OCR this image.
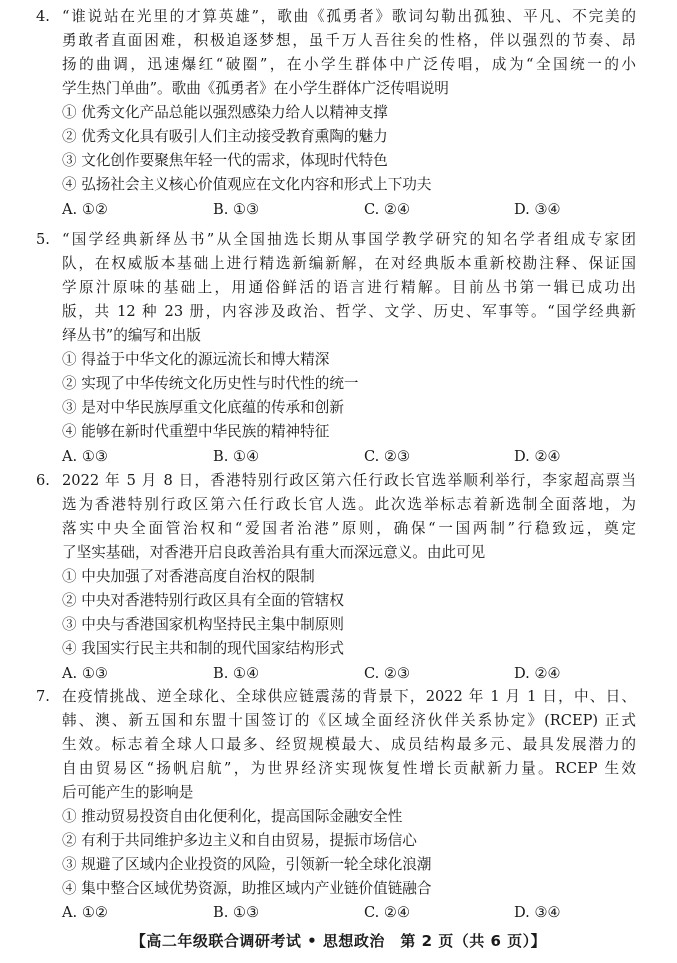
4. “谁说站在光里的才算英雄”，歌曲《孤勇者》歌词勾勒出孤独、平凡、不完美的
勇敢者直面困难，积极追逐梦想，虽千万人吾往矣的性格，伴以强烈的节奏、昂
扬的曲调，迅速爆红“破圈”，在小学生群体中广泛传唱，成为“全国统一的小
学生热门单曲”。歌曲《孤勇者》在小学生群体广泛传唱说明
① 优秀文化产品总能以强烈感染力给人以精神支撑
② 优秀文化具有吸引人们主动接受教育熏陶的魅力
③ 文化创作要聚焦年轻一代的需求，体现时代特色
④ 弘扬社会主义核心价值观应在文化内容和形式上下功夫
A. ①②	B. ①③	C. ②④	D. ③④
5. “国学经典新绎丛书”从全国抽选长期从事国学教学研究的知名学者组成专家团
队，在权威版本基础上进行精选新编新解，在对经典版本重新校勘注释、保证国
学原汁原味的基础上，用通俗鲜活的语言进行精解。目前丛书第一辑已成功出
版，共 12 种 23 册，内容涉及政治、哲学、文学、历史、军事等。“国学经典新
绎丛书”的编写和出版
① 得益于中华文化的源远流长和博大精深
② 实现了中华传统文化历史性与时代性的统一
③ 是对中华民族厚重文化底蕴的传承和创新
④ 能够在新时代重塑中华民族的精神特征
A. ①③	B. ①④	C. ②③	D. ②④
6. 2022 年 5 月 8 日，香港特别行政区第六任行政长官选举顺利举行，李家超高票当
选为香港特别行政区第六任行政长官人选。此次选举标志着新选制全面落地，为
落实中央全面管治权和“爱国者治港”原则，确保“一国两制”行稳致远，奠定
了坚实基础，对香港开启良政善治具有重大而深远意义。由此可见
① 中央加强了对香港高度自治权的限制
② 中央对香港特别行政区具有全面的管辖权
③ 中央与香港国家机构坚持民主集中制原则
④ 我国实行民主共和制的现代国家结构形式
A. ①③	B. ①④	C. ②③	D. ②④
7. 在疫情挑战、逆全球化、全球供应链震荡的背景下，2022 年 1 月 1 日，中、日、
韩、澳、新五国和东盟十国签订的《区域全面经济伙伴关系协定》(RCEP) 正式
生效。标志着全球人口最多、经贸规模最大、成员结构最多元、最具发展潜力的
自由贸易区“扬帆启航”，为世界经济实现恢复性增长贡献新力量。RCEP 生效
后可能产生的影响是
① 推动贸易投资自由化便利化，提高国际金融安全性
② 有利于共同维护多边主义和自由贸易，提振市场信心
③ 规避了区域内企业投资的风险，引领新一轮全球化浪潮
④ 集中整合区域优势资源，助推区域内产业链价值链融合
A. ①②	B. ①③	C. ②④	D. ③④
【高二年级联合调研考试 • 思想政治　第 2 页（共 6 页）】
